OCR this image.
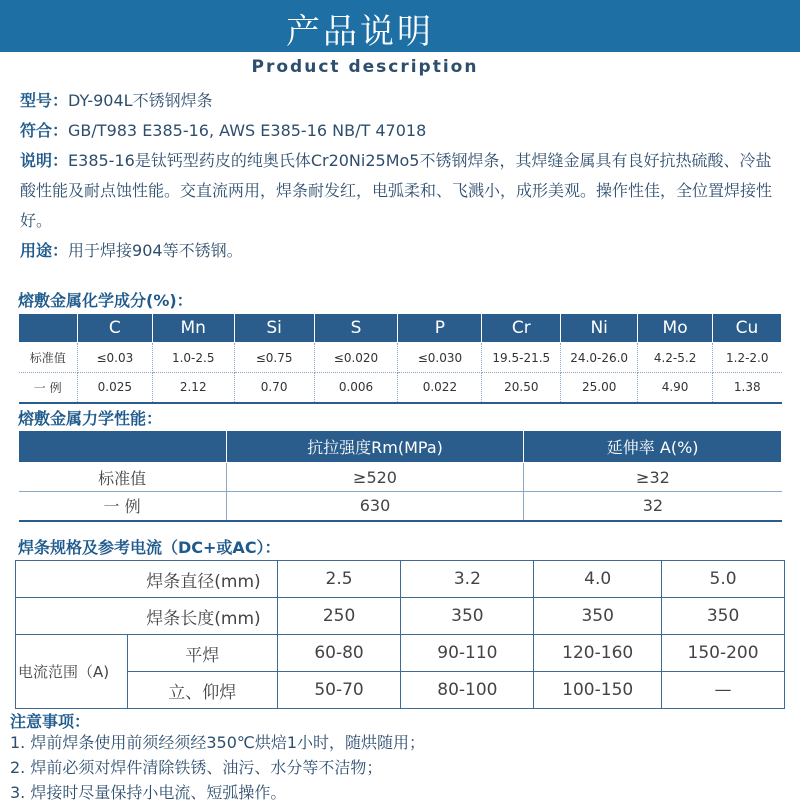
产品说明
Product description
型号 ： DY-904L不锈钢焊条
符合 ： GB/T983 E385-16, AWS E385-16 NB/T 47018
说明 ： E385-16是钛钙型药皮的纯奥氏体Cr20Ni25Mo5不锈钢焊条，其焊缝金属具有良好抗热硫酸、冷盐酸性能及耐点蚀性能。交直流两用，焊条耐发红，电弧柔和、飞溅小，成形美观。操作性佳，全位置焊接性好。
用途 ： 用于焊接904等不锈钢。
熔敷金属化学成分(%)：
	C	Mn	Si	S	P	Cr	Ni	Mo	Cu
标准值	≤0.03	1.0-2.5	≤0.75	≤0.020	≤0.030	19.5-21.5	24.0-26.0	4.2-5.2	1.2-2.0
一 例	0.025	2.12	0.70	0.006	0.022	20.50	25.00	4.90	1.38
熔敷金属力学性能：
	抗拉强度Rm(MPa)	延伸率 A(%)
标准值	≥520	≥32
一 例	630	32
焊条规格及参考电流（DC+或AC）：
焊条直径(mm)		2.5	3.2	4.0	5.0
焊条长度(mm)		250	350	350	350
电流范围（A)	平焊	60-80	90-110	120-160	150-200
	立、仰焊	50-70	80-100	100-150	—
注意事项：
1. 焊前焊条使用前须经须经350℃烘焙1小时，随烘随用；
2. 焊前必须对焊件清除铁锈、油污、水分等不洁物；
3. 焊接时尽量保持小电流、短弧操作。
